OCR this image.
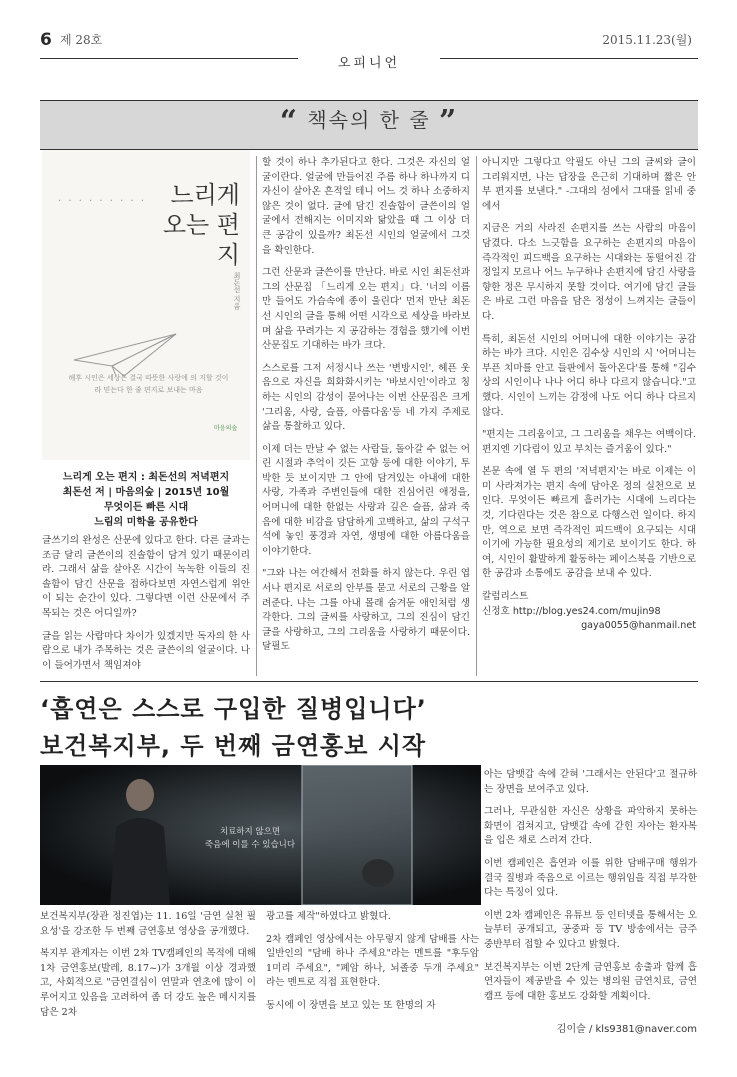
6 제 28호
오피니언
2015.11.23(월)
“ 책속의 한 줄 ”
· · · · · · · · ·	느리게 오는 편지
최돈선 지음
해후 시인은 세상은 결국 따뜻한 사랑에 의 지할 것이라 믿는다 한 줄 편지로 보내는 마음
마음의숲
느리게 오는 편지 : 최돈선의 저녁편지
최돈선 저 | 마음의숲 | 2015년 10월
무엇이든 빠른 시대
느림의 미학을 공유한다

글쓰기의 완성은 산문에 있다고 한다. 다른 글과는 조금 달리 글쓴이의 진솔함이 담겨 있기 때문이리라. 그래서 삶을 살아온 시간이 녹녹한 이들의 진솔함이 담긴 산문을 접하다보면 자연스럽게 위안이 되는 순간이 있다. 그렇다면 이런 산문에서 주목되는 것은 어디일까?

글을 읽는 사람마다 차이가 있겠지만 독자의 한 사람으로 내가 주목하는 것은 글쓴이의 얼굴이다. 나이 들어가면서 책임져야

할 것이 하나 추가된다고 한다. 그것은 자신의 얼굴이란다. 얼굴에 만들어진 주름 하나 하나까지 디 자신이 살아온 흔적일 테니 어느 것 하나 소중하지 않은 것이 없다. 글에 담긴 진솔함이 글쓴이의 얼굴에서 전해지는 이미지와 닮았을 때 그 이상 더 큰 공감이 있을까? 최돈선 시인의 얼굴에서 그것을 확인한다.

그런 산문과 글쓴이를 만난다. 바로 시인 최돈선과 그의 산문집 「느리게 오는 편지」다. '너의 이름만 들어도 가슴속에 종이 울린다' 먼저 만난 최돈선 시인의 글을 통해 어떤 시각으로 세상을 바라보며 삶을 꾸려가는 지 공감하는 경험을 했기에 이번 산문집도 기대하는 바가 크다.

스스로를 그저 서정시나 쓰는 '변방시인', 헤픈 웃음으로 자신을 희화화시키는 '바보시인'이라고 칭하는 시인의 감성이 묻어나는 이번 산문집은 크게 '그리움, 사랑, 슬픔, 아름다움'등 네 가지 주제로 삶을 통찰하고 있다.

이제 더는 만날 수 없는 사람들, 돌아갈 수 없는 어린 시절과 추억이 깃든 고향 등에 대한 이야기, 투박한 듯 보이지만 그 안에 담겨있는 아내에 대한 사랑, 가족과 주변인들에 대한 진심어린 애정을, 어머니에 대한 한없는 사랑과 깊은 슬픔, 삶과 죽음에 대한 비감을 담담하게 고백하고, 삶의 구석구석에 놓인 풍경과 자연, 생명에 대한 아름다움을 이야기한다.

"그와 나는 여간해서 전화를 하지 않는다. 우린 엽서나 편지로 서로의 안부를 묻고 서로의 근황을 알려준다. 나는 그를 아내 몰래 숨겨둔 애인처럼 생각한다. 그의 글씨를 사랑하고, 그의 진심이 담긴 글을 사랑하고, 그의 그리움을 사랑하기 때문이다. 달필도

아니지만 그렇다고 악필도 아닌 그의 글씨와 글이 그리워지면, 나는 답장을 은근히 기대하며 짧은 안부 편지를 보낸다." -그대의 섬에서 그대를 읽네 중에서

지금은 거의 사라진 손편지를 쓰는 사람의 마음이 담겼다. 다소 느긋함을 요구하는 손편지의 마음이 즉각적인 피드백을 요구하는 시대와는 동떨어진 감정일지 모르나 어느 누구하나 손편지에 담긴 사랑을 향한 정은 무시하지 못할 것이다. 여기에 담긴 글들은 바로 그런 마음을 담은 정성이 느껴지는 글들이다.

특히, 최돈선 시인의 어머니에 대한 이야기는 공감하는 바가 크다. 시인은 김수상 시인의 시 '어머니는 부픈 치마를 안고 들판에서 돌아온다'를 통해 "김수상의 시인이나 나나 어디 하나 다르지 않습니다."고 했다. 시인이 느끼는 감정에 나도 어디 하나 다르지 않다.

"편지는 그리움이고, 그 그리움을 채우는 여백이다. 편지엔 기다림이 있고 부치는 즐거움이 있다."

본문 속에 열 두 편의 '저녁편지'는 바로 이제는 이미 사라져가는 편지 속에 담아온 정의 실천으로 보인다. 무엇이든 빠르게 흘러가는 시대에 느리다는 것, 기다린다는 것은 참으로 다행스런 일이다. 하지만, 역으로 보면 즉각적인 피드백이 요구되는 시대이기에 가능한 필요성의 제기로 보이기도 한다. 하여, 시인이 활발하게 활동하는 페이스북을 기반으로 한 공감과 소통에도 공감을 보내 수 있다.

칼럼리스트
신정호 http://blog.yes24.com/mujin98
gaya0055@hanmail.net
‘흡연은 스스로 구입한 질병입니다’
보건복지부, 두 번째 금연홍보 시작
치료하지 않으면
죽음에 이를 수 있습니다

보건복지부(장관 정진엽)는 11. 16일 '금연 실천 필요성'을 강조한 두 번째 금연홍보 영상을 공개했다.

복지부 관계자는 이번 2차 TV캠페인의 목적에 대해 1차 금연홍보(발레, 8.17~)가 3개월 이상 경과했고, 사회적으로 "금연결심이 연말과 연초에 많이 이루어지고 있음을 고려하여 좀 더 강도 높은 메시지를 담은 2차

광고를 제작"하였다고 밝혔다.

2차 캠페인 영상에서는 아무렇지 않게 담배를 사는 일반인의 "담배 하나 주세요"라는 멘트를 "후두암 1미리 주세요", "폐암 하나, 뇌졸중 두개 주세요" 라는 멘트로 직접 표현한다.

동시에 이 장면을 보고 있는 또 한명의 자

아는 담뱃갑 속에 갇혀 '그래서는 안된다'고 절규하는 장면을 보여주고 있다.

그러나, 무관심한 자신은 상황을 파악하지 못하는 화면이 겹쳐지고, 담뱃갑 속에 갇힌 자아는 환자복을 입은 채로 스러져 간다.

이번 캠페인은 흡연과 이를 위한 담배구매 행위가 결국 질병과 죽음으로 이르는 행위임을 직접 부각한다는 특징이 있다.

이번 2차 캠페인은 유튜브 등 인터넷을 통해서는 오늘부터 공개되고, 공중파 등 TV 방송에서는 금주 중반부터 접할 수 있다고 밝혔다.

보건복지부는 이번 2단계 금연홍보 송출과 함께 흡연자들이 제공받을 수 있는 병의원 금연치료, 금연캠프 등에 대한 홍보도 강화할 계획이다.

김이슬 / kls9381@naver.com
